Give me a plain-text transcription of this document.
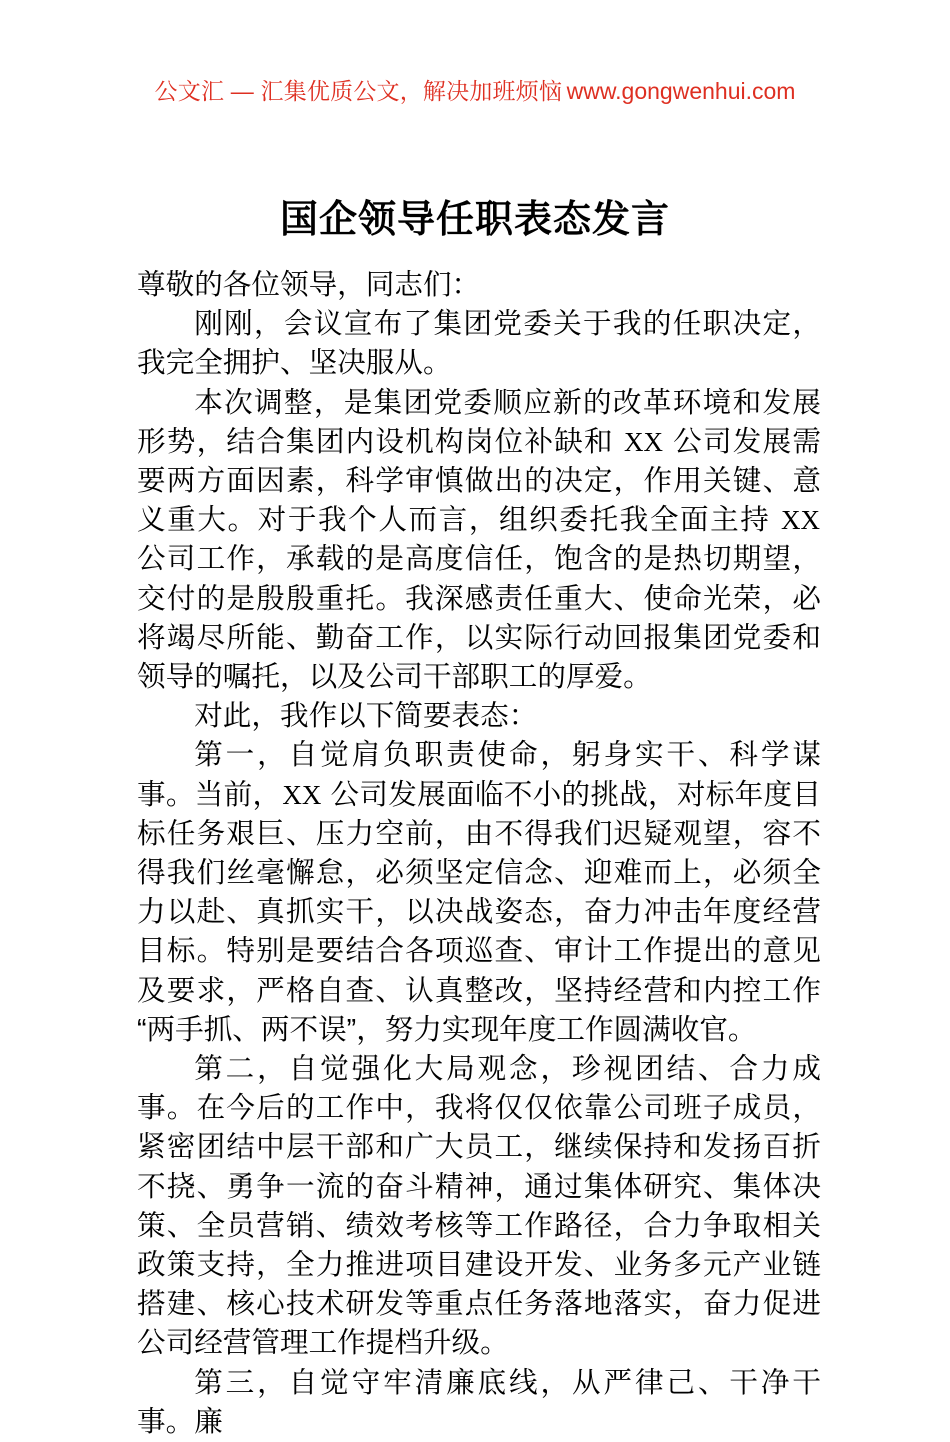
公文汇 — 汇集优质公文，解决加班烦恼 www.gongwenhui.com
国企领导任职表态发言

尊敬的各位领导，同志们：

刚刚，会议宣布了集团党委关于我的任职决定，我完全拥护、坚决服从。

本次调整，是集团党委顺应新的改革环境和发展形势，结合集团内设机构岗位补缺和 XX 公司发展需要两方面因素，科学审慎做出的决定，作用关键、意义重大。对于我个人而言，组织委托我全面主持 XX 公司工作，承载的是高度信任，饱含的是热切期望，交付的是殷殷重托。我深感责任重大、使命光荣，必将竭尽所能、勤奋工作，以实际行动回报集团党委和领导的嘱托，以及公司干部职工的厚爱。

对此，我作以下简要表态：

第一，自觉肩负职责使命，躬身实干、科学谋事。当前，XX 公司发展面临不小的挑战，对标年度目标任务艰巨、压力空前，由不得我们迟疑观望，容不得我们丝毫懈怠，必须坚定信念、迎难而上，必须全力以赴、真抓实干，以决战姿态，奋力冲击年度经营目标。特别是要结合各项巡查、审计工作提出的意见及要求，严格自查、认真整改，坚持经营和内控工作“两手抓、两不误”，努力实现年度工作圆满收官。

第二，自觉强化大局观念，珍视团结、合力成事。在今后的工作中，我将仅仅依靠公司班子成员，紧密团结中层干部和广大员工，继续保持和发扬百折不挠、勇争一流的奋斗精神，通过集体研究、集体决策、全员营销、绩效考核等工作路径，合力争取相关政策支持，全力推进项目建设开发、业务多元产业链搭建、核心技术研发等重点任务落地落实，奋力促进公司经营管理工作提档升级。

第三，自觉守牢清廉底线，从严律己、干净干事。廉
